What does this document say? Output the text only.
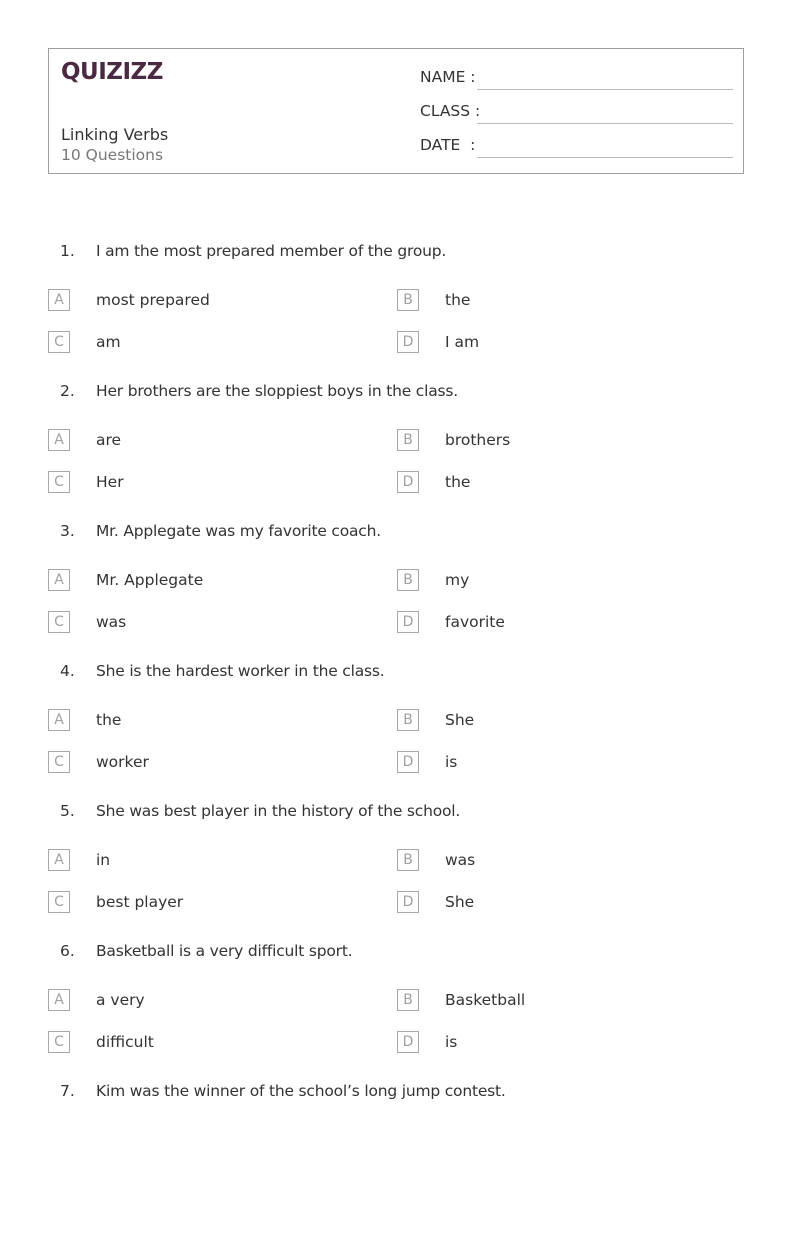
QUIZIZZ
Linking Verbs
10 Questions
NAME :
CLASS :
DATE  :
1. I am the most prepared member of the group.
A	most prepared	B	the
C	am	D	I am
2. Her brothers are the sloppiest boys in the class.
A	are	B	brothers
C	Her	D	the
3. Mr. Applegate was my favorite coach.
A	Mr. Applegate	B	my
C	was	D	favorite
4. She is the hardest worker in the class.
A	the	B	She
C	worker	D	is
5. She was best player in the history of the school.
A	in	B	was
C	best player	D	She
6. Basketball is a very difficult sport.
A	a very	B	Basketball
C	difficult	D	is
7. Kim was the winner of the school’s long jump contest.
